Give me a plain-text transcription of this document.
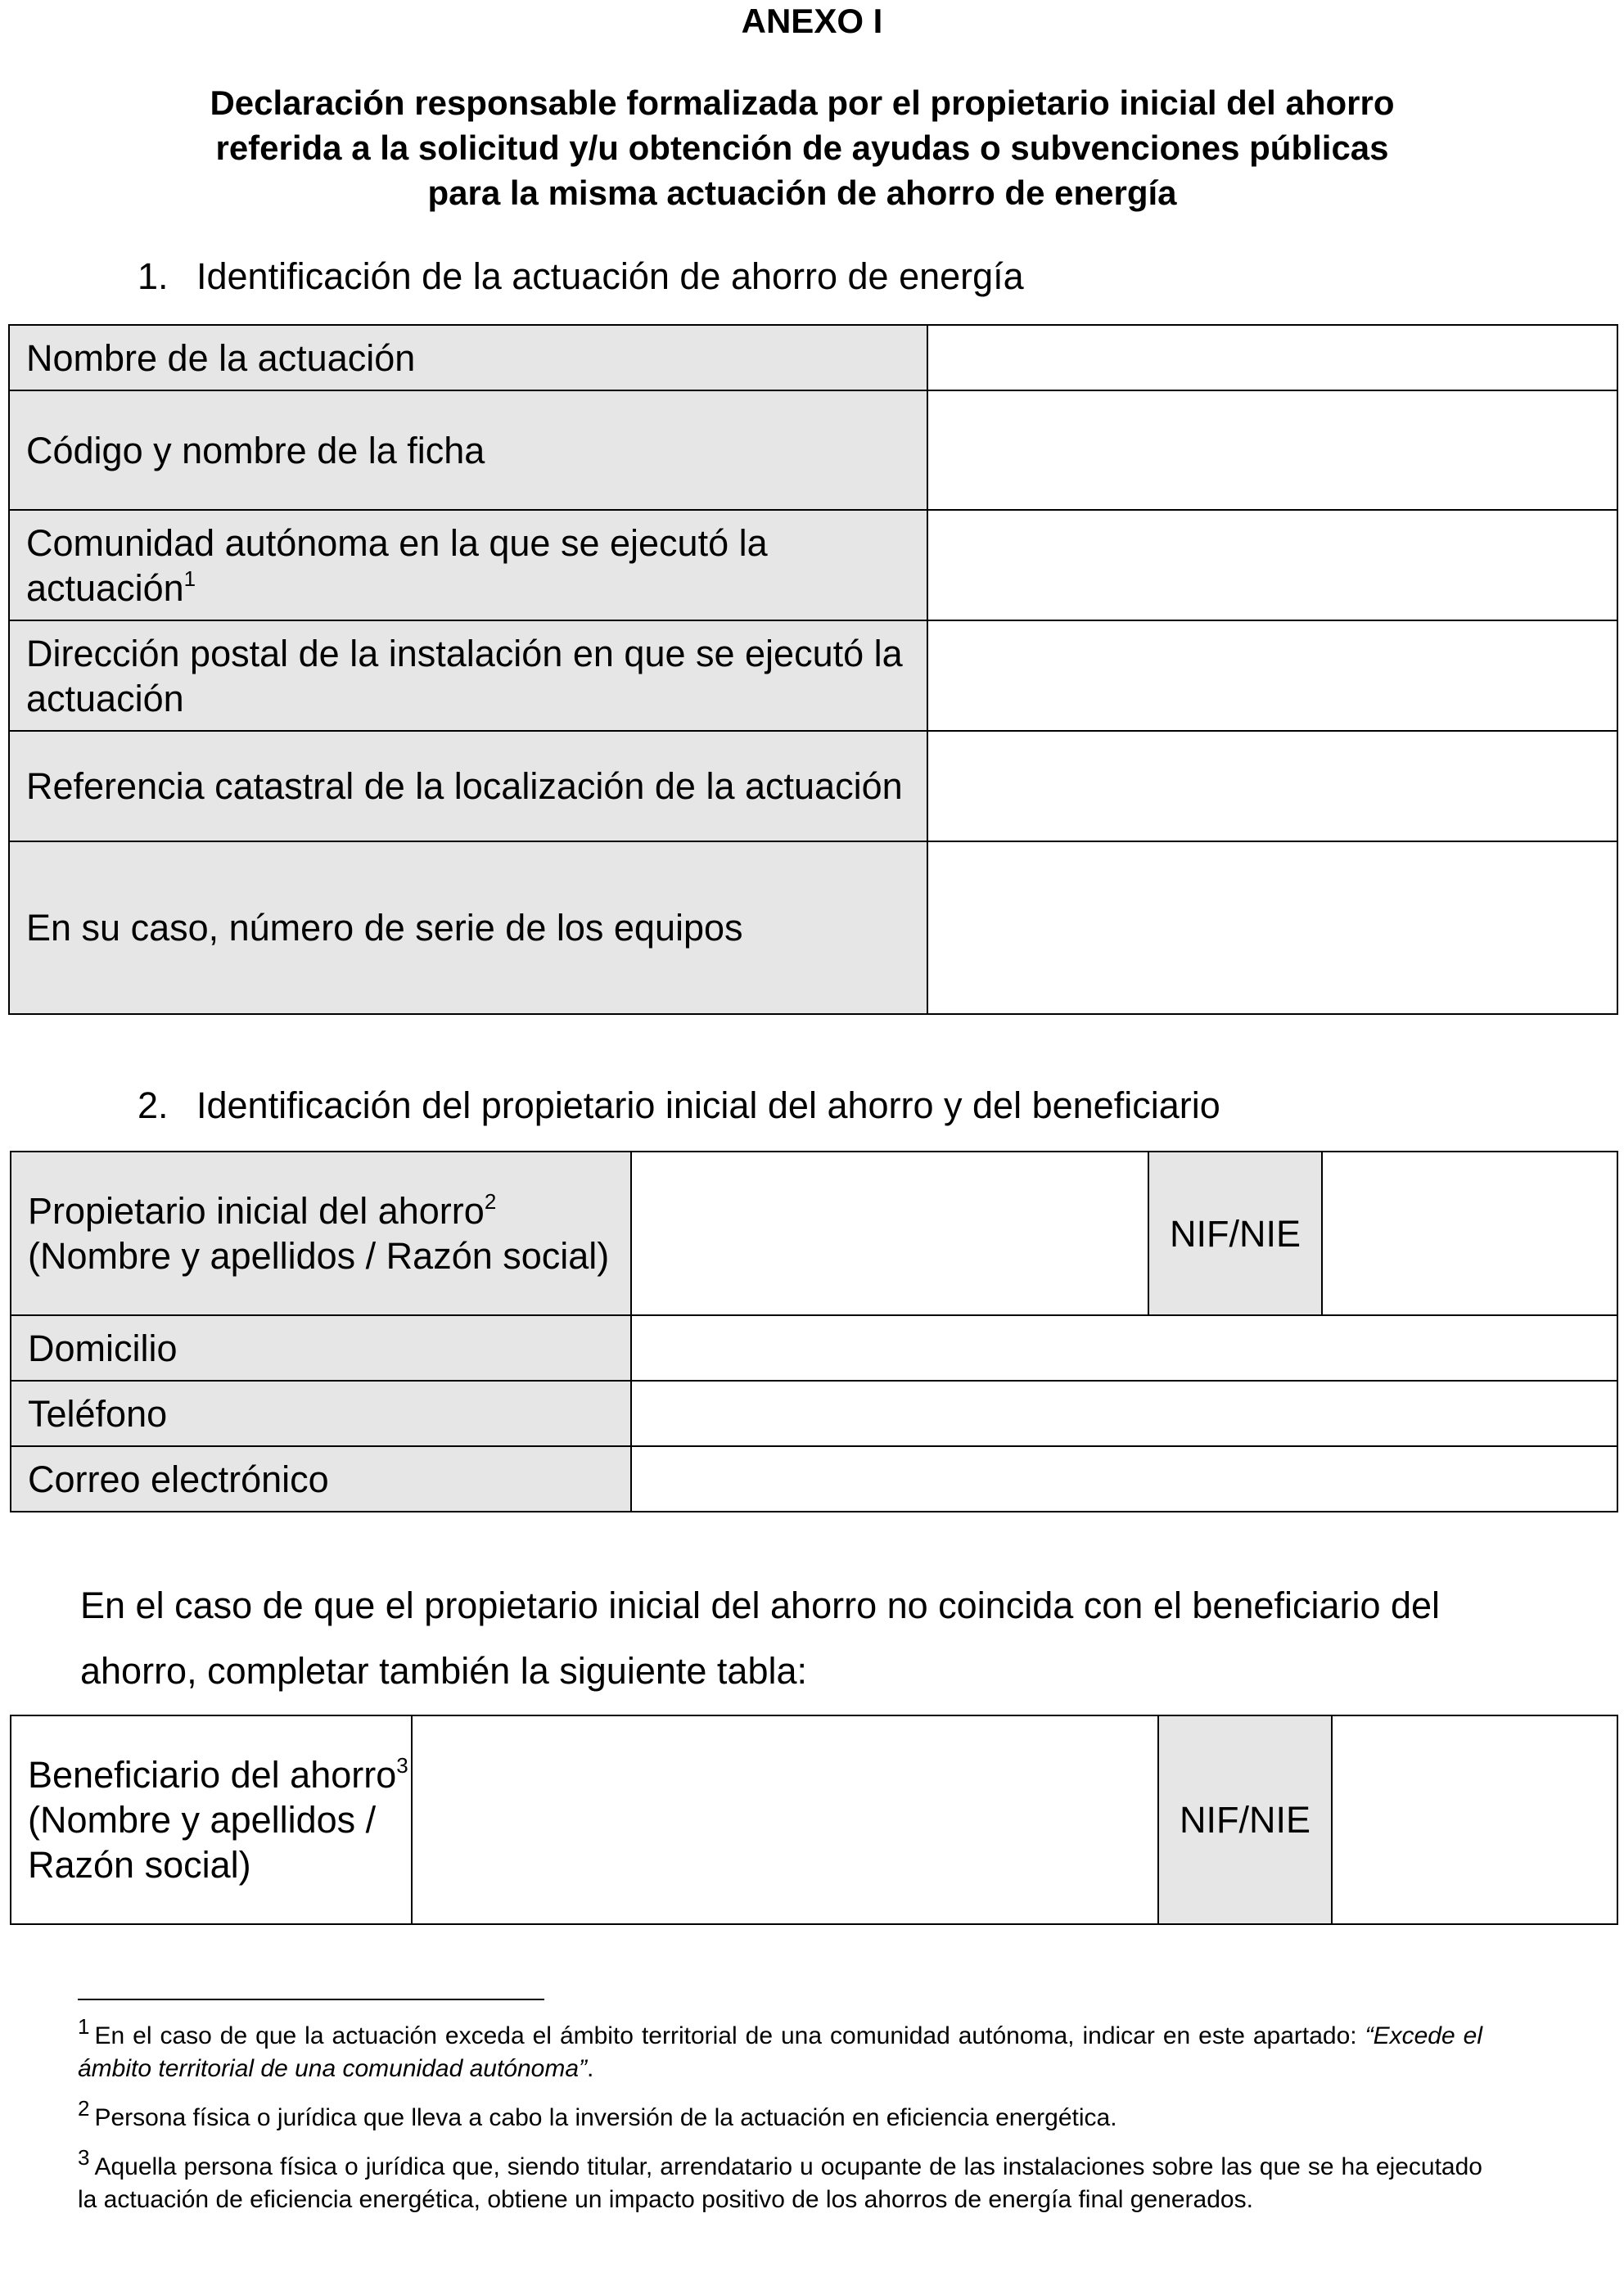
ANEXO I
Declaración responsable formalizada por el propietario inicial del ahorro
referida a la solicitud y/u obtención de ayudas o subvenciones públicas
para la misma actuación de ahorro de energía
1. Identificación de la actuación de ahorro de energía
Nombre de la actuación	
Código y nombre de la ficha	
Comunidad autónoma en la que se ejecutó la actuación$^1$	
Dirección postal de la instalación en que se ejecutó la actuación	
Referencia catastral de la localización de la actuación	
En su caso, número de serie de los equipos	
2. Identificación del propietario inicial del ahorro y del beneficiario
Propietario inicial del ahorro$^2$
(Nombre y apellidos / Razón social)		NIF/NIE	
Domicilio			
Teléfono			
Correo electrónico			
En el caso de que el propietario inicial del ahorro no coincida con el beneficiario del ahorro, completar también la siguiente tabla:
Beneficiario del ahorro$^3$
(Nombre y apellidos / Razón social)		NIF/NIE	
$^1$ En el caso de que la actuación exceda el ámbito territorial de una comunidad autónoma, indicar en este apartado: “Excede el ámbito territorial de una comunidad autónoma”.
$^2$ Persona física o jurídica que lleva a cabo la inversión de la actuación en eficiencia energética.
$^3$ Aquella persona física o jurídica que, siendo titular, arrendatario u ocupante de las instalaciones sobre las que se ha ejecutado la actuación de eficiencia energética, obtiene un impacto positivo de los ahorros de energía final generados.
